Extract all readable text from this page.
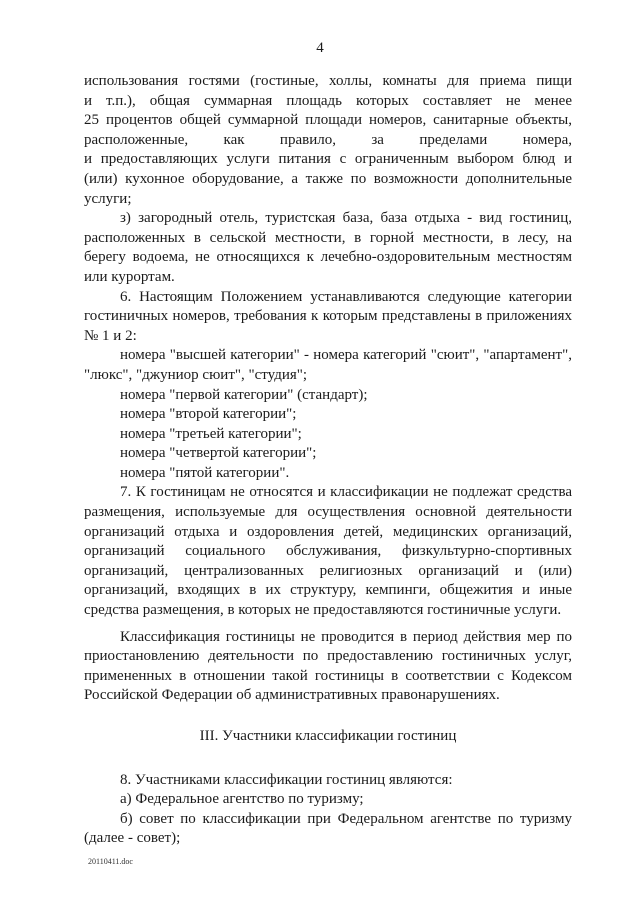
4

использования гостями (гостиные, холлы, комнаты для приема пищи

и т.п.), общая суммарная площадь которых составляет не менее

25 процентов общей суммарной площади номеров, санитарные объекты,

расположенные, как правило, за пределами номера,

и предоставляющих услуги питания с ограниченным выбором блюд и

(или) кухонное оборудование, а также по возможности дополнительные

услуги;

з) загородный отель, туристская база, база отдыха - вид гостиниц, расположенных в сельской местности, в горной местности, в лесу, на берегу водоема, не относящихся к лечебно-оздоровительным местностям или курортам.

6. Настоящим Положением устанавливаются следующие категории гостиничных номеров, требования к которым представлены в приложениях № 1 и 2:

номера "высшей категории" - номера категорий "сюит", "апартамент", "люкс", "джуниор сюит", "студия";

номера "первой категории" (стандарт);

номера "второй категории";

номера "третьей категории";

номера "четвертой категории";

номера "пятой категории".

7. К гостиницам не относятся и классификации не подлежат средства размещения, используемые для осуществления основной деятельности организаций отдыха и оздоровления детей, медицинских организаций, организаций социального обслуживания, физкультурно-спортивных организаций, централизованных религиозных организаций и (или) организаций, входящих в их структуру, кемпинги, общежития и иные средства размещения, в которых не предоставляются гостиничные услуги.

Классификация гостиницы не проводится в период действия мер по приостановлению деятельности по предоставлению гостиничных услуг, примененных в отношении такой гостиницы в соответствии с Кодексом Российской Федерации об административных правонарушениях.

III. Участники классификации гостиниц

8. Участниками классификации гостиниц являются:

а) Федеральное агентство по туризму;

б) совет по классификации при Федеральном агентстве по туризму (далее - совет);

20110411.doc
